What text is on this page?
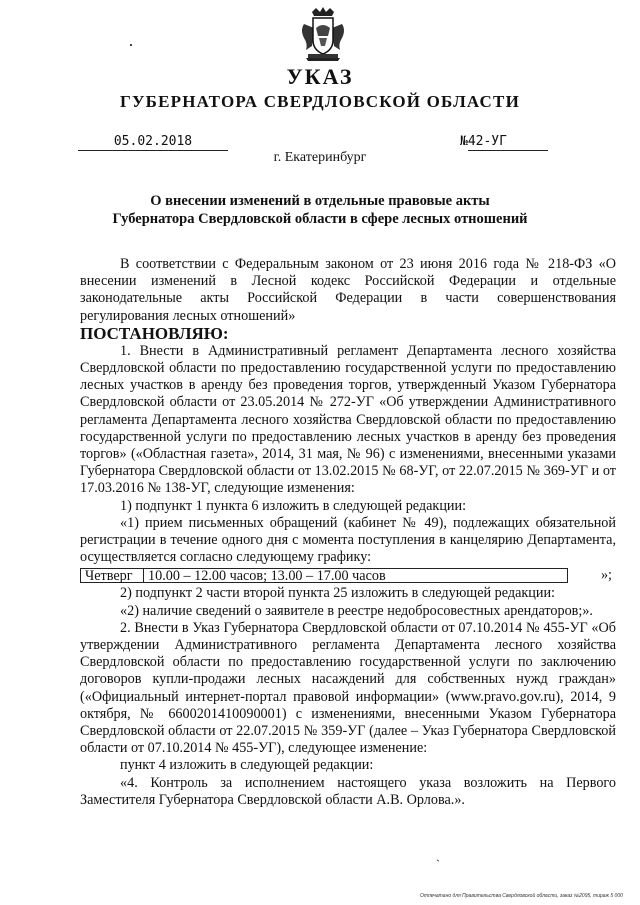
УКАЗ
ГУБЕРНАТОРА СВЕРДЛОВСКОЙ ОБЛАСТИ
05.02.2018	№42-УГ
г. Екатеринбург
О внесении изменений в отдельные правовые акты
Губернатора Свердловской области в сфере лесных отношений

В соответствии с Федеральным законом от 23 июня 2016 года № 218-ФЗ «О внесении изменений в Лесной кодекс Российской Федерации и отдельные законодательные акты Российской Федерации в части совершенствования регулирования лесных отношений»

ПОСТАНОВЛЯЮ:

1. Внести в Административный регламент Департамента лесного хозяйства Свердловской области по предоставлению государственной услуги по предоставлению лесных участков в аренду без проведения торгов, утвержденный Указом Губернатора Свердловской области от 23.05.2014 № 272-УГ «Об утверждении Административного регламента Департамента лесного хозяйства Свердловской области по предоставлению государственной услуги по предоставлению лесных участков в аренду без проведения торгов» («Областная газета», 2014, 31 мая, № 96) с изменениями, внесенными указами Губернатора Свердловской области от 13.02.2015 № 68-УГ, от 22.07.2015 № 369-УГ и от 17.03.2016 № 138-УГ, следующие изменения:

1) подпункт 1 пункта 6 изложить в следующей редакции:

«1) прием письменных обращений (кабинет № 49), подлежащих обязательной регистрации в течение одного дня с момента поступления в канцелярию Департамента, осуществляется согласно следующему графику:

Четверг	10.00 – 12.00 часов; 13.00 – 17.00 часов	»;

2) подпункт 2 части второй пункта 25 изложить в следующей редакции:

«2) наличие сведений о заявителе в реестре недобросовестных арендаторов;».

2. Внести в Указ Губернатора Свердловской области от 07.10.2014 № 455-УГ «Об утверждении Административного регламента Департамента лесного хозяйства Свердловской области по предоставлению государственной услуги по заключению договоров купли-продажи лесных насаждений для собственных нужд граждан» («Официальный интернет-портал правовой информации» (www.pravo.gov.ru), 2014, 9 октября, № 6600201410090001) с изменениями, внесенными Указом Губернатора Свердловской области от 22.07.2015 № 359-УГ (далее – Указ Губернатора Свердловской области от 07.10.2014 № 455-УГ), следующее изменение:

пункт 4 изложить в следующей редакции:

«4. Контроль за исполнением настоящего указа возложить на Первого Заместителя Губернатора Свердловской области А.В. Орлова.».

ˎ
Отпечатано для Правительства Свердловской области, заказ №2095, тираж 5 000
